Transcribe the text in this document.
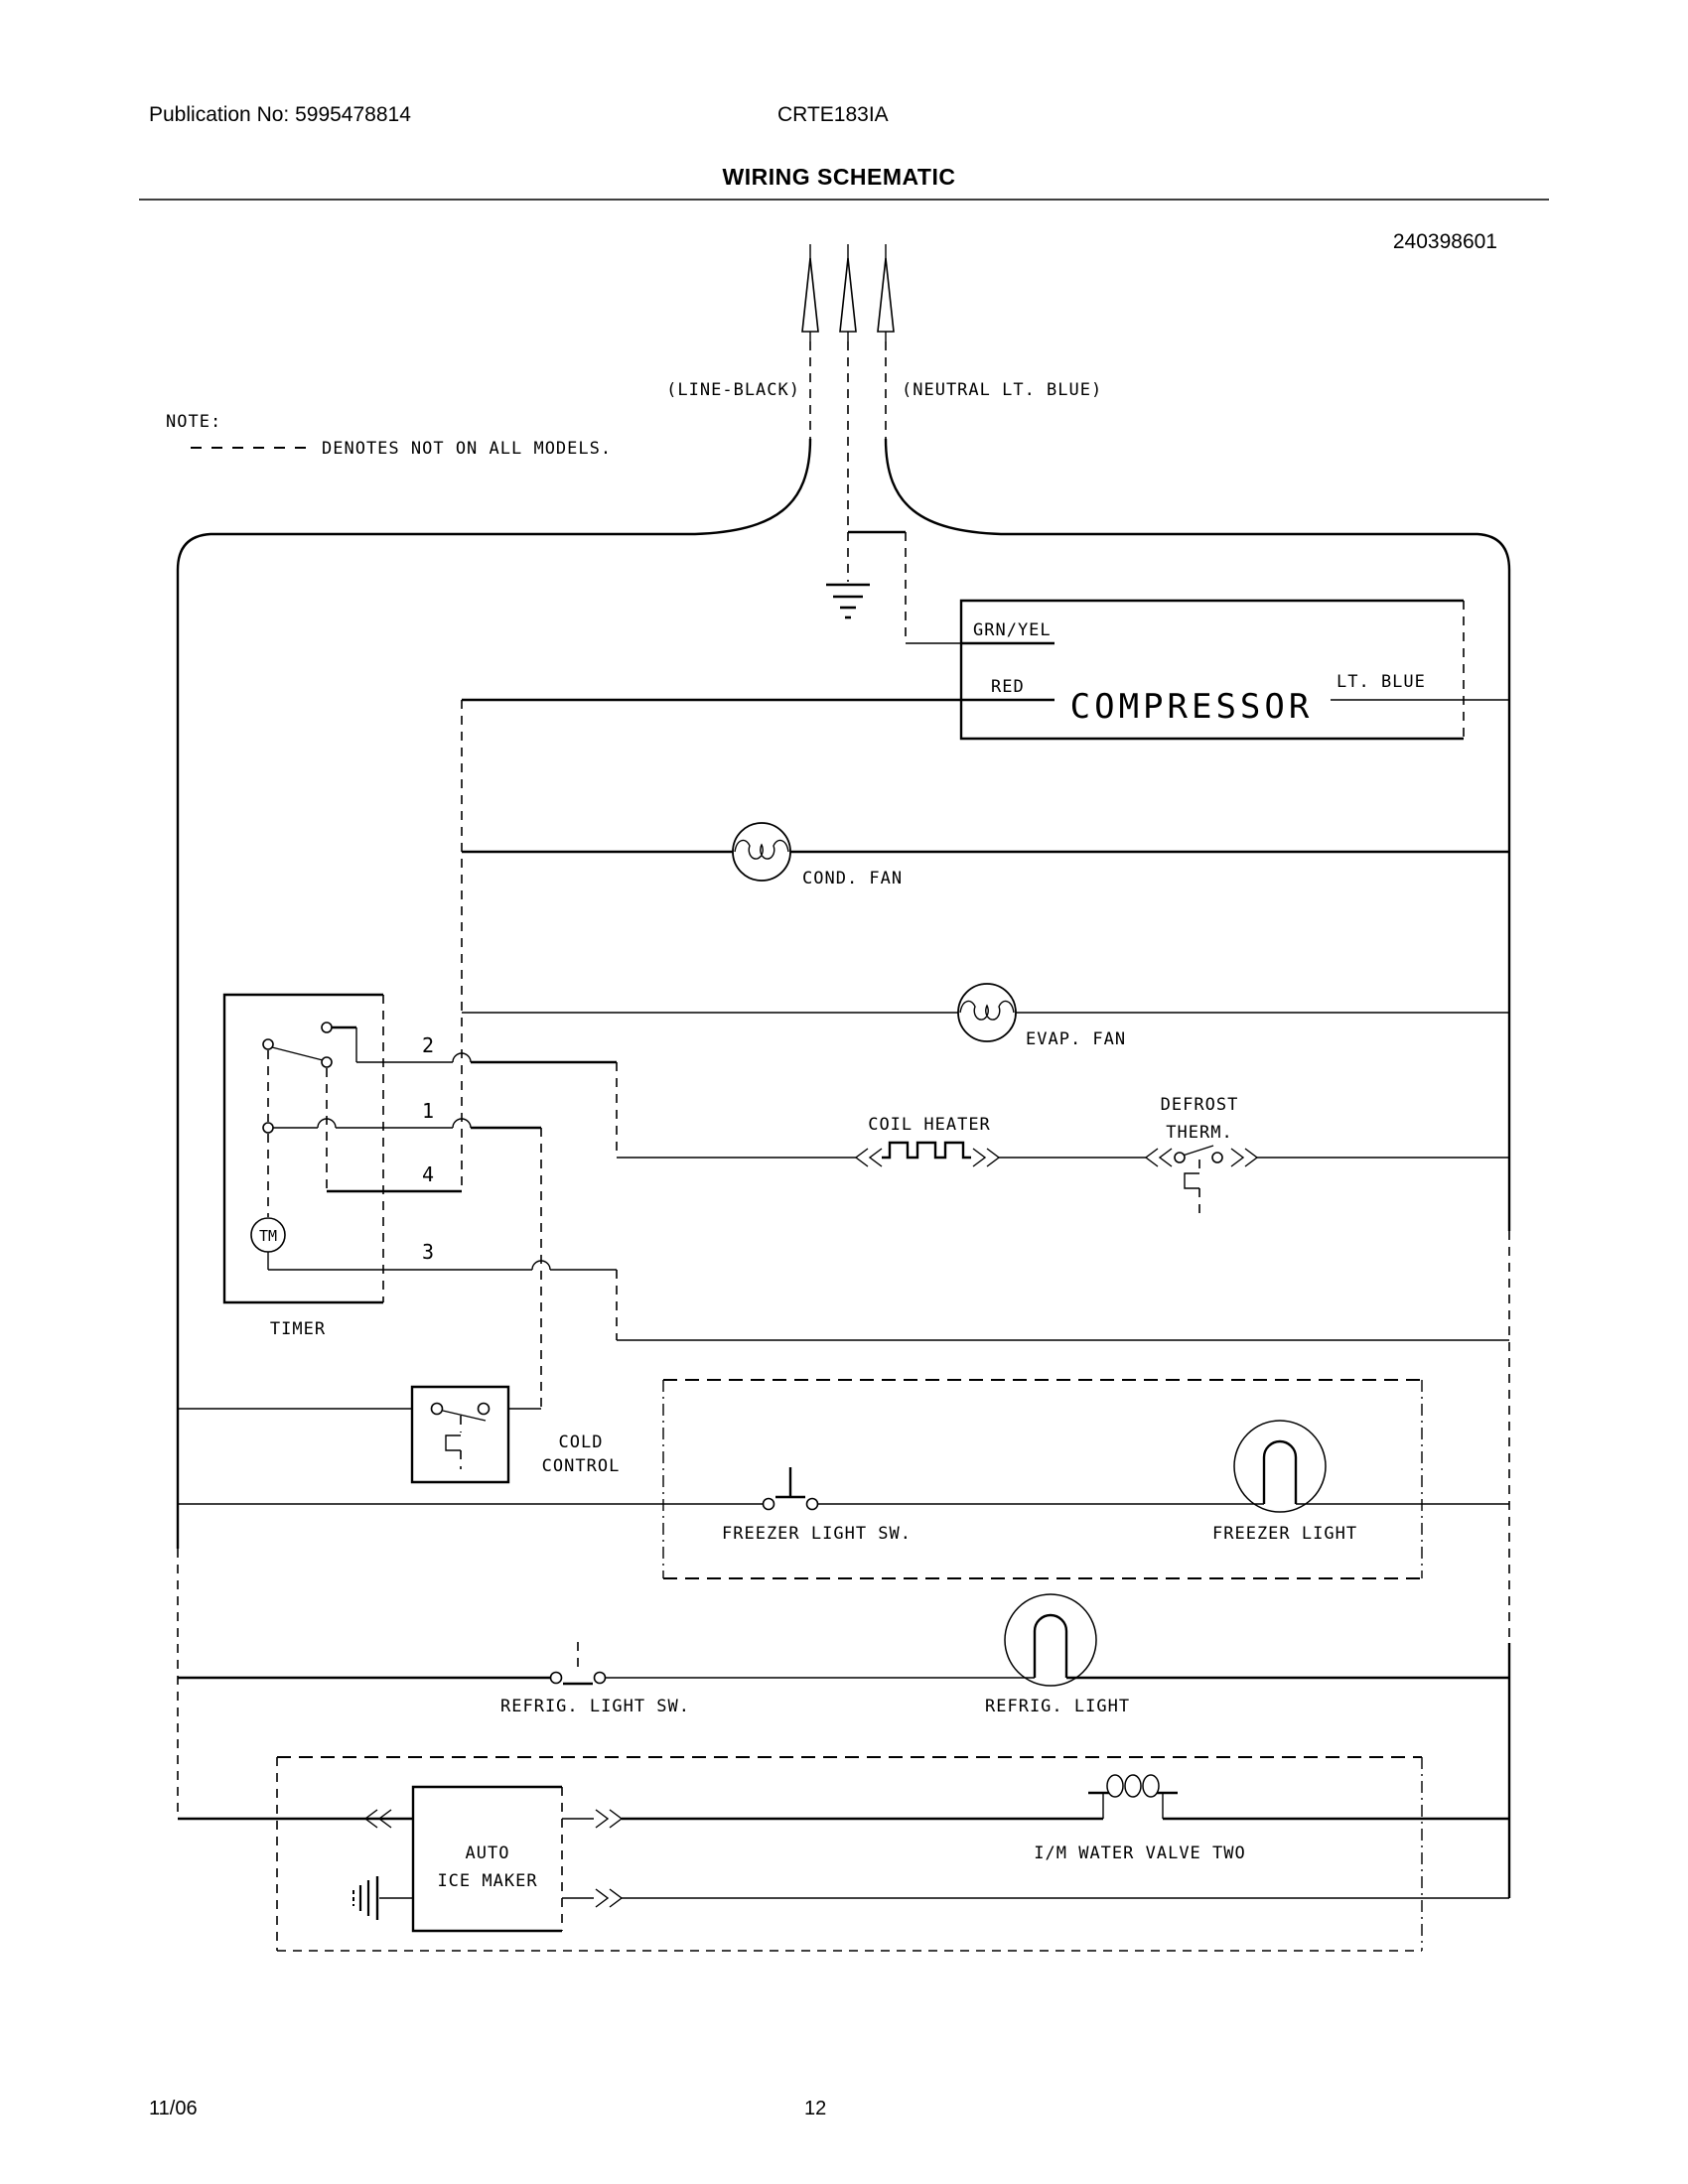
Publication No: 5995478814	CRTE183IA
WIRING SCHEMATIC
240398601
NOTE:
DENOTES NOT ON ALL MODELS.
(LINE-BLACK)	(NEUTRAL LT. BLUE)
GRN/YEL
RED COMPRESSOR
LT. BLUE
COND. FAN
EVAP. FAN
TM
TIMER
2
1
4
3
COIL HEATER
DEFROST
THERM.
COLD
CONTROL
FREEZER LIGHT SW.	FREEZER LIGHT
REFRIG. LIGHT SW.	REFRIG. LIGHT
AUTO
ICE MAKER
I/M WATER VALVE TWO
11/06	12
